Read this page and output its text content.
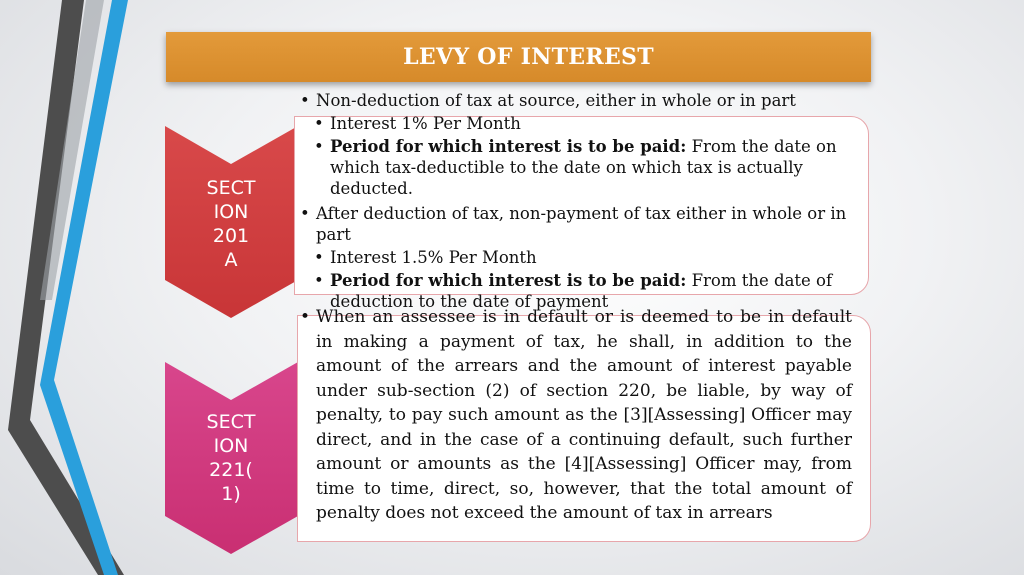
LEVY OF INTEREST
SECT
ION
201
A
SECT
ION
221(
1)
• Non-deduction of tax at source, either in whole or in part
• Interest 1% Per Month
• Period for which interest is to be paid: From the date on which tax-deductible to the date on which tax is actually deducted.
• After deduction of tax, non-payment of tax either in whole or in part
• Interest 1.5% Per Month
• Period for which interest is to be paid: From the date of deduction to the date of payment
• When an assessee is in default or is deemed to be in default in making a payment of tax, he shall, in addition to the amount of the arrears and the amount of interest payable under sub-section (2) of section 220, be liable, by way of penalty, to pay such amount as the [3][Assessing] Officer may direct, and in the case of a continuing default, such further amount or amounts as the [4][Assessing] Officer may, from time to time, direct, so, however, that the total amount of penalty does not exceed the amount of tax in arrears
